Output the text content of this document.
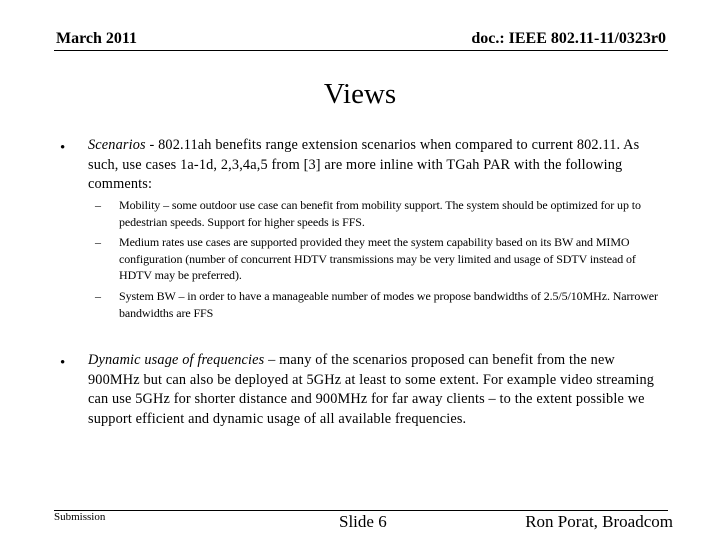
March 2011	doc.: IEEE 802.11-11/0323r0
Views
• Scenarios - 802.11ah benefits range extension scenarios when compared to current 802.11. As such, use cases 1a-1d, 2,3,4a,5 from [3] are more inline with TGah PAR with the following comments:
– Mobility – some outdoor use case can benefit from mobility support. The system should be optimized for up to pedestrian speeds. Support for higher speeds is FFS.
– Medium rates use cases are supported provided they meet the system capability based on its BW and MIMO configuration (number of concurrent HDTV transmissions may be very limited and usage of SDTV instead of HDTV may be preferred).
– System BW – in order to have a manageable number of modes we propose bandwidths of 2.5/5/10MHz. Narrower bandwidths are FFS
• Dynamic usage of frequencies – many of the scenarios proposed can benefit from the new 900MHz but can also be deployed at 5GHz at least to some extent. For example video streaming can use 5GHz for shorter distance and 900MHz for far away clients – to the extent possible we support efficient and dynamic usage of all available frequencies.
Submission	Slide 6	Ron Porat, Broadcom
